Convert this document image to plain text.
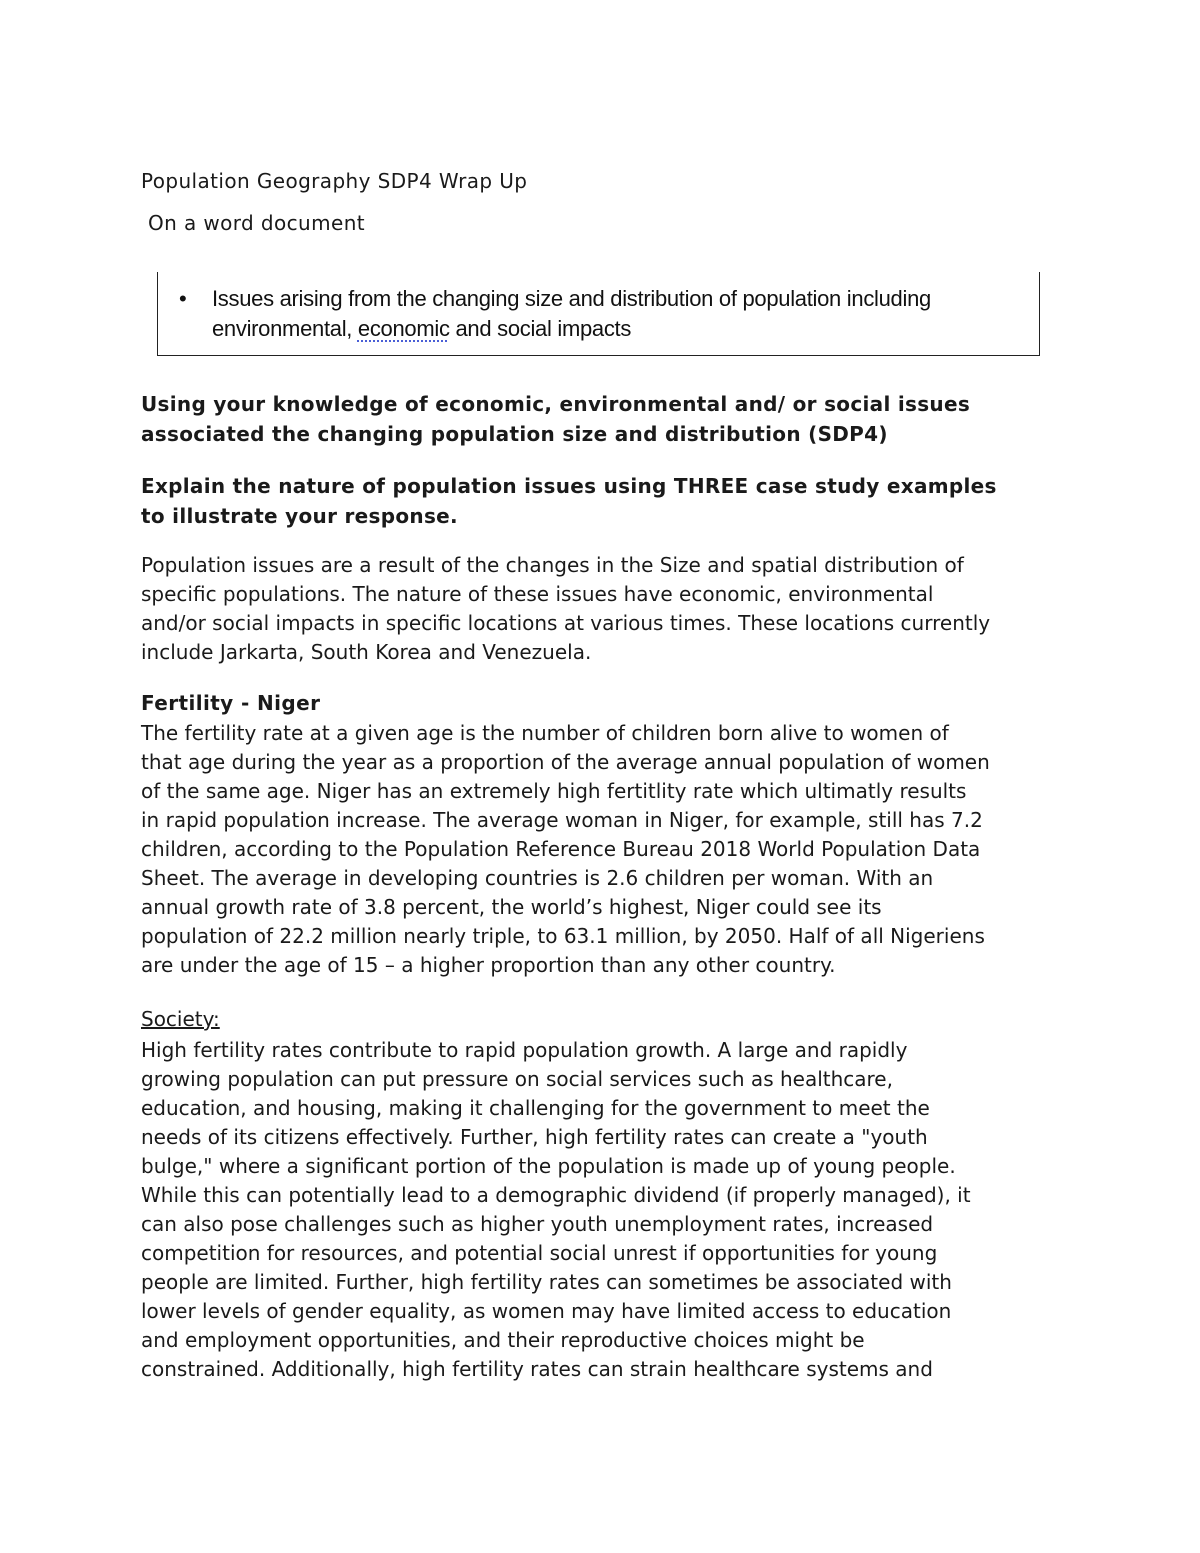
Population Geography SDP4 Wrap Up

On a word document

• Issues arising from the changing size and distribution of population including environmental, economic and social impacts
Using your knowledge of economic, environmental and/ or social issues
associated the changing population size and distribution (SDP4)
Explain the nature of population issues using THREE case study examples
to illustrate your response.
Population issues are a result of the changes in the Size and spatial distribution of
specific populations. The nature of these issues have economic, environmental
and/or social impacts in specific locations at various times. These locations currently
include Jarkarta, South Korea and Venezuela.
Fertility - Niger
The fertility rate at a given age is the number of children born alive to women of
that age during the year as a proportion of the average annual population of women
of the same age. Niger has an extremely high fertitlity rate which ultimatly results
in rapid population increase. The average woman in Niger, for example, still has 7.2
children, according to the Population Reference Bureau 2018 World Population Data
Sheet. The average in developing countries is 2.6 children per woman. With an
annual growth rate of 3.8 percent, the world’s highest, Niger could see its
population of 22.2 million nearly triple, to 63.1 million, by 2050. Half of all Nigeriens
are under the age of 15 – a higher proportion than any other country.

Society:

High fertility rates contribute to rapid population growth. A large and rapidly
growing population can put pressure on social services such as healthcare,
education, and housing, making it challenging for the government to meet the
needs of its citizens effectively. Further, high fertility rates can create a "youth
bulge," where a significant portion of the population is made up of young people.
While this can potentially lead to a demographic dividend (if properly managed), it
can also pose challenges such as higher youth unemployment rates, increased
competition for resources, and potential social unrest if opportunities for young
people are limited. Further, high fertility rates can sometimes be associated with
lower levels of gender equality, as women may have limited access to education
and employment opportunities, and their reproductive choices might be
constrained. Additionally, high fertility rates can strain healthcare systems and
